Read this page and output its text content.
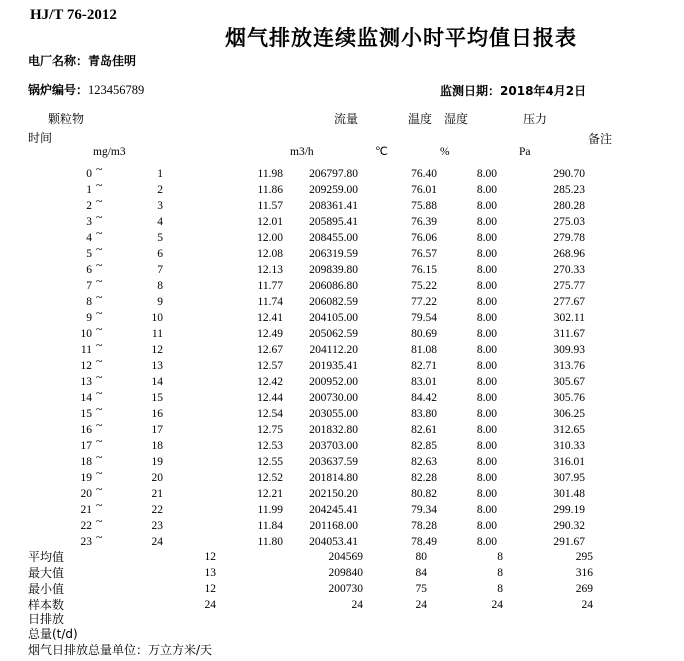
HJ/T 76-2012
烟气排放连续监测小时平均值日报表
电厂名称：青岛佳明
锅炉编号：123456789	监测日期：2018年4月2日
颗粒物
时间
流量	温度 湿度	压力
备注
mg/m3	m3/h	℃	%	Pa
0 ~	1	11.98	206797.80	76.40	8.00	290.70
1 ~	2	11.86	209259.00	76.01	8.00	285.23
2 ~	3	11.57	208361.41	75.88	8.00	280.28
3 ~	4	12.01	205895.41	76.39	8.00	275.03
4 ~	5	12.00	208455.00	76.06	8.00	279.78
5 ~	6	12.08	206319.59	76.57	8.00	268.96
6 ~	7	12.13	209839.80	76.15	8.00	270.33
7 ~	8	11.77	206086.80	75.22	8.00	275.77
8 ~	9	11.74	206082.59	77.22	8.00	277.67
9 ~	10	12.41	204105.00	79.54	8.00	302.11
10 ~	11	12.49	205062.59	80.69	8.00	311.67
11 ~	12	12.67	204112.20	81.08	8.00	309.93
12 ~	13	12.57	201935.41	82.71	8.00	313.76
13 ~	14	12.42	200952.00	83.01	8.00	305.67
14 ~	15	12.44	200730.00	84.42	8.00	305.76
15 ~	16	12.54	203055.00	83.80	8.00	306.25
16 ~	17	12.75	201832.80	82.61	8.00	312.65
17 ~	18	12.53	203703.00	82.85	8.00	310.33
18 ~	19	12.55	203637.59	82.63	8.00	316.01
19 ~	20	12.52	201814.80	82.28	8.00	307.95
20 ~	21	12.21	202150.20	80.82	8.00	301.48
21 ~	22	11.99	204245.41	79.34	8.00	299.19
22 ~	23	11.84	201168.00	78.28	8.00	290.32
23 ~	24	11.80	204053.41	78.49	8.00	291.67
平均值	12	204569	80	8	295
最大值	13	209840	84	8	316
最小值	12	200730	75	8	269
样本数	24	24	24	24	24
日排放
总量(t/d)
烟气日排放总量单位：万立方米/天
